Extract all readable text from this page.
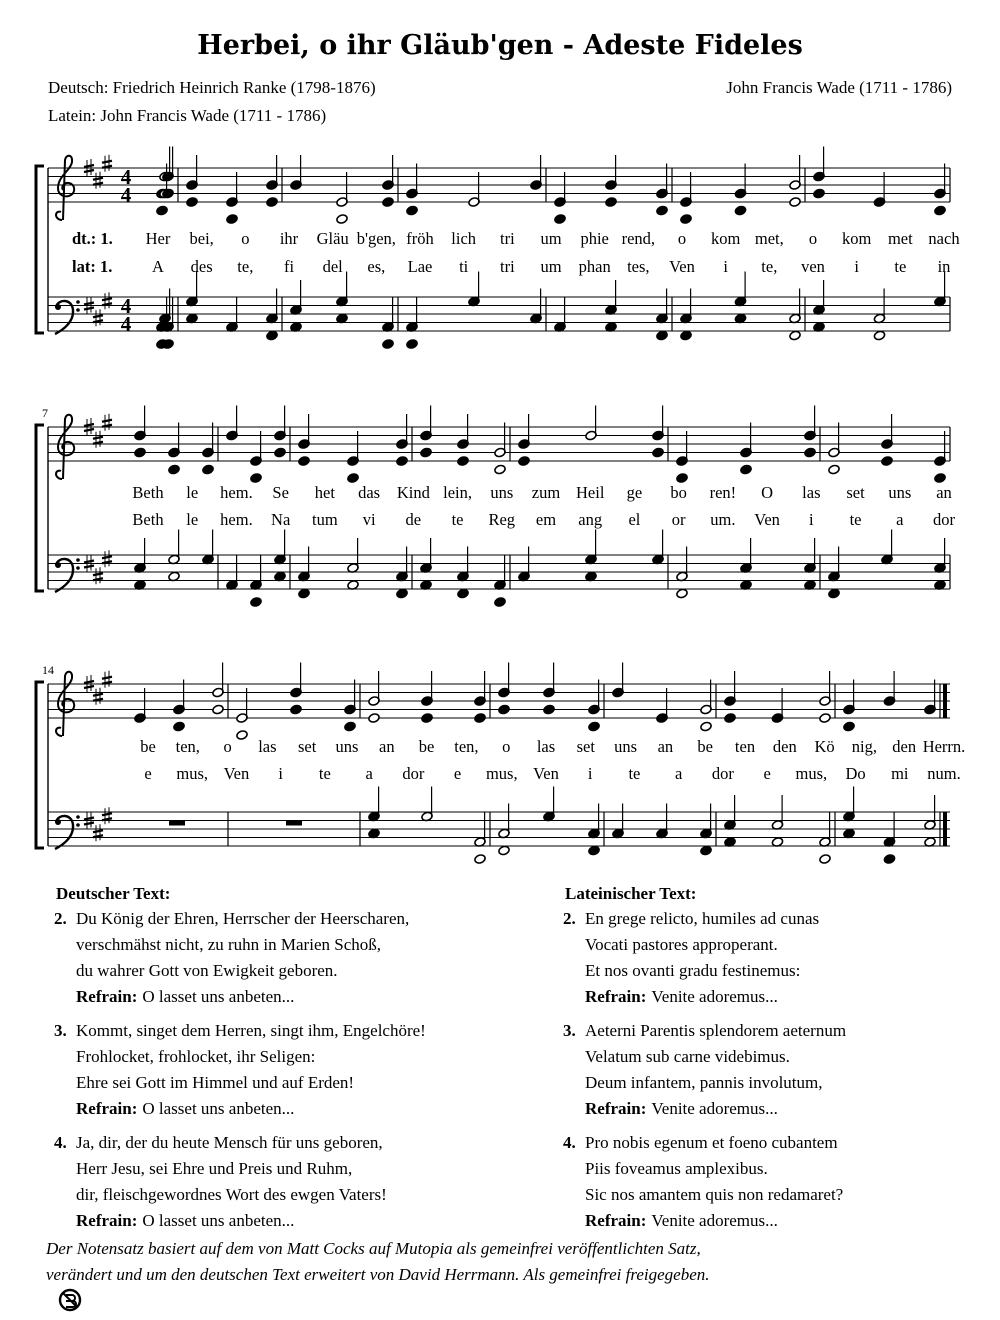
Herbei, o ihr Gläub'gen - Adeste Fideles
Deutsch: Friedrich Heinrich Ranke (1798-1876)
Latein: John Francis Wade (1711 - 1786)
John Francis Wade (1711 - 1786)
4
4
4
4
dt.: 1.
lat: 1.
Her bei, o ihr Gläu b'gen, fröh lich tri um phie rend, o kom met, o kom met nach
A des te, fi del es, Lae ti tri um phan tes, Ven i te, ven i te in
7
Beth le hem. Se het das Kind lein, uns zum Heil ge bo ren! O las set uns an
Beth le hem. Na tum vi de te Reg em ang el or um. Ven i te a dor
14
be ten, o las set uns an be ten, o las set uns an be ten den Kö nig, den Herrn.
e mus, Ven i te a dor e mus, Ven i te a dor e mus, Do mi num.
Deutscher Text:
2. Du König der Ehren, Herrscher der Heerscharen,
verschmähst nicht, zu ruhn in Marien Schoß,
du wahrer Gott von Ewigkeit geboren.
Refrain: O lasset uns anbeten...
3. Kommt, singet dem Herren, singt ihm, Engelchöre!
Frohlocket, frohlocket, ihr Seligen:
Ehre sei Gott im Himmel und auf Erden!
Refrain: O lasset uns anbeten...
4. Ja, dir, der du heute Mensch für uns geboren,
Herr Jesu, sei Ehre und Preis und Ruhm,
dir, fleischgewordnes Wort des ewgen Vaters!
Refrain: O lasset uns anbeten...
Lateinischer Text:
2. En grege relicto, humiles ad cunas
Vocati pastores approperant.
Et nos ovanti gradu festinemus:
Refrain: Venite adoremus...
3. Aeterni Parentis splendorem aeternum
Velatum sub carne videbimus.
Deum infantem, pannis involutum,
Refrain: Venite adoremus...
4. Pro nobis egenum et foeno cubantem
Piis foveamus amplexibus.
Sic nos amantem quis non redamaret?
Refrain: Venite adoremus...
Der Notensatz basiert auf dem von Matt Cocks auf Mutopia als gemeinfrei veröffentlichten Satz,
verändert und um den deutschen Text erweitert von David Herrmann. Als gemeinfrei freigegeben.
